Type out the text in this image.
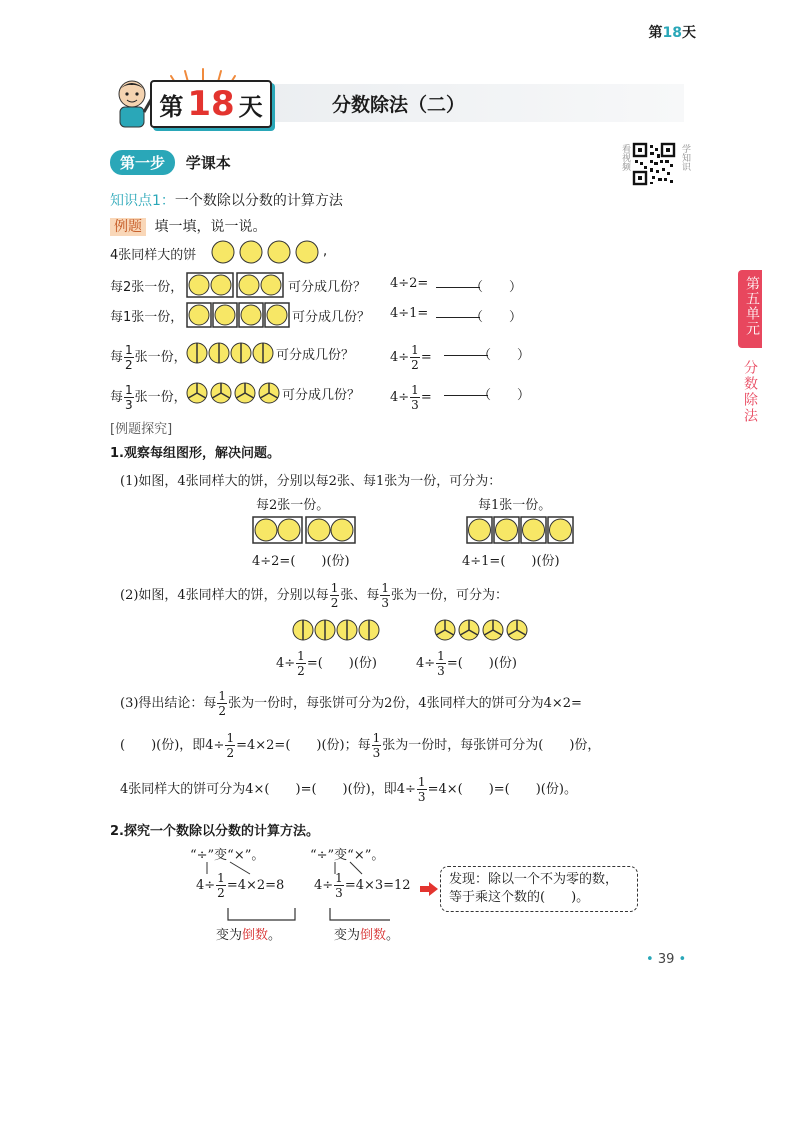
第18天
第 18 天	分数除法（二）
看视频	学知识
第五单元
分数除法
第一步 学课本
知识点1：一个数除以分数的计算方法
例题 填一填，说一说。
4张同样大的饼	,
每2张一份，	可分成几份？ 4÷2=	（　　）
每1张一份，	可分成几份？ 4÷1=	（　　）
每 $\frac{1}{2}$ 张一份，	可分成几份？	$4\div \frac{1}{2}$ =	（　　）
每 $\frac{1}{3}$ 张一份，	可分成几份？ $4\div \frac{1}{3}$ =	（　　）
[例题探究]
1.观察每组图形，解决问题。
(1)如图，4张同样大的饼，分别以每2张、每1张为一份，可分为：
每2张一份。	每1张一份。
4÷2=(　　)(份)	4÷1=(　　)(份)
(2)如图，4张同样大的饼，分别以每 $\frac{1}{2}$ 张、每 $\frac{1}{3}$ 张为一份，可分为：
$4\div \frac{1}{2}$ =(　　)(份)	$4\div \frac{1}{3}$ =(　　)(份)
(3)得出结论：每 $\frac{1}{2}$ 张为一份时，每张饼可分为2份，4张同样大的饼可分为4×2=
(　　)(份)，即$4\div \frac{1}{2} =4\times 2=$(　　)(份)；每 $\frac{1}{3}$ 张为一份时，每张饼可分为(　　)份，
4张同样大的饼可分为4×(　　)=(　　)(份)，即$4\div \frac{1}{3} =4\times$(　　)=(　　)(份)。
2.探究一个数除以分数的计算方法。
“÷”变“×”。	“÷”变“×”。
$4\div \frac{1}{2} =4\times 2=8$ $4\div \frac{1}{3} =4\times 3=12$	发现：除以一个不为零的数，
等于乘这个数的(　　)。
变为倒数。	变为倒数。
• 39 •
